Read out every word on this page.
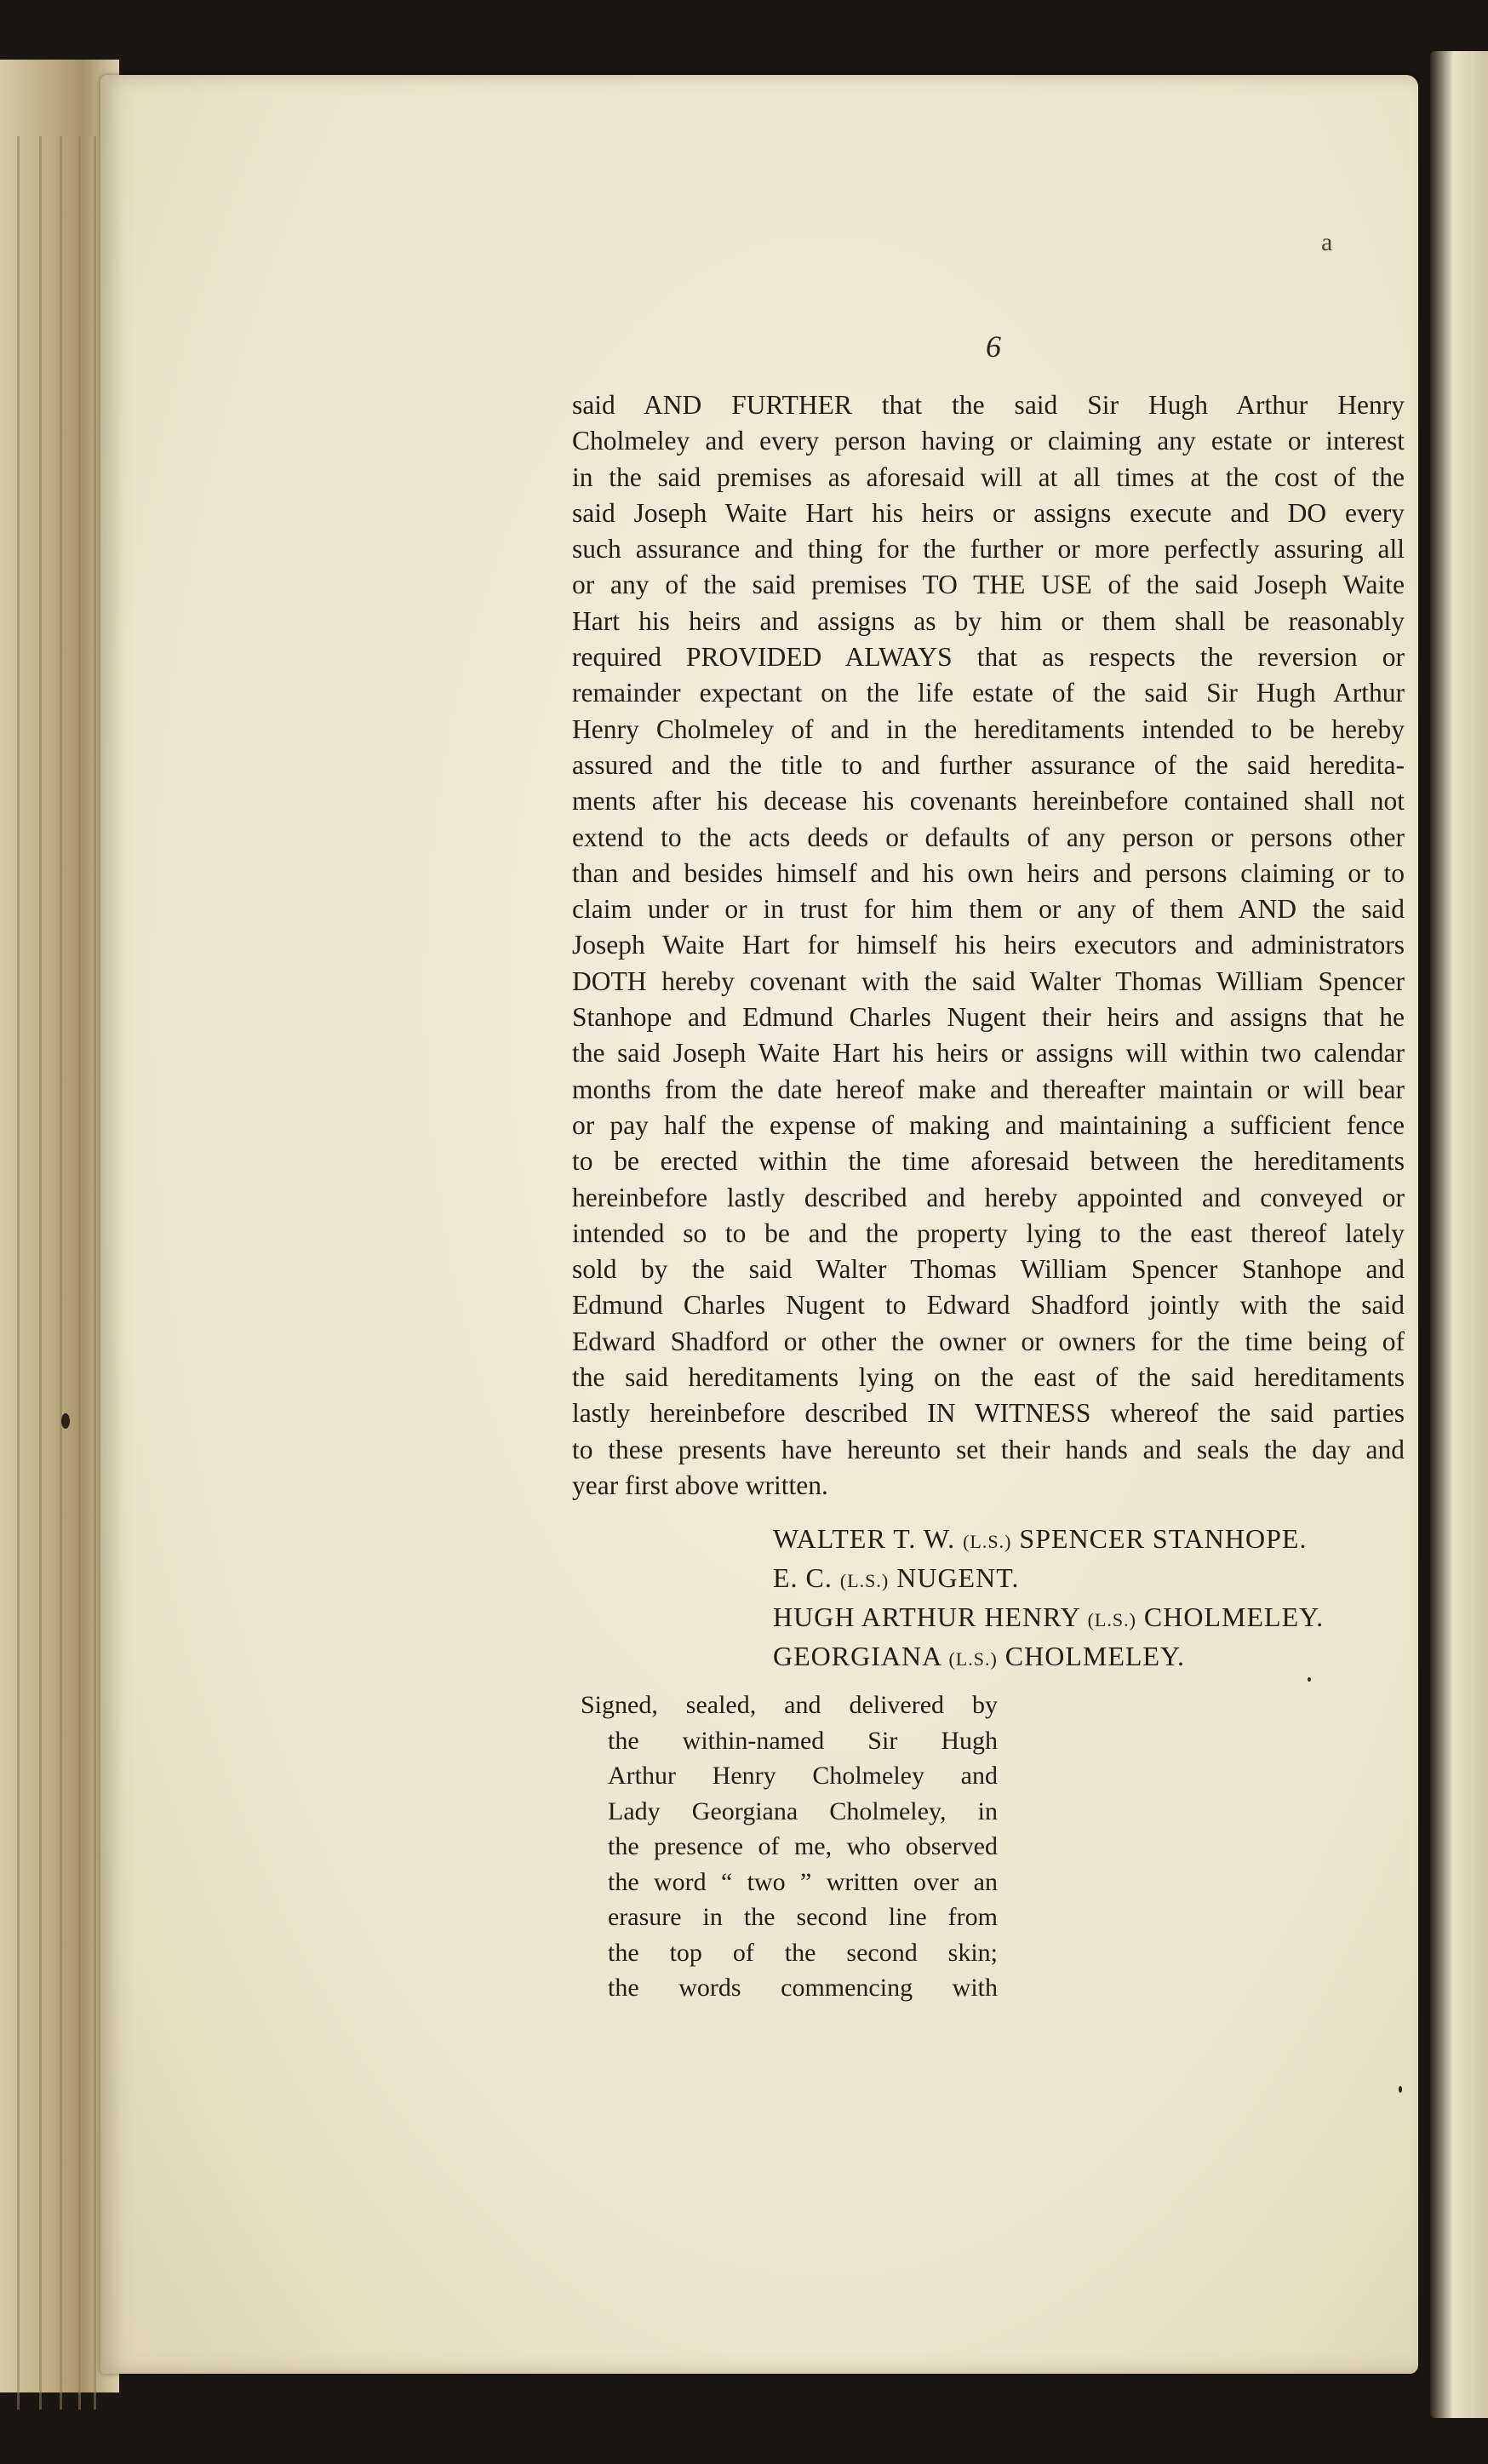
a
6
said AND FURTHER that the said Sir Hugh Arthur Henry
Cholmeley and every person having or claiming any estate or interest
in the said premises as aforesaid will at all times at the cost of the
said Joseph Waite Hart his heirs or assigns execute and DO every
such assurance and thing for the further or more perfectly assuring all
or any of the said premises TO THE USE of the said Joseph Waite
Hart his heirs and assigns as by him or them shall be reasonably
required PROVIDED ALWAYS that as respects the reversion or
remainder expectant on the life estate of the said Sir Hugh Arthur
Henry Cholmeley of and in the hereditaments intended to be hereby
assured and the title to and further assurance of the said heredita-
ments after his decease his covenants hereinbefore contained shall not
extend to the acts deeds or defaults of any person or persons other
than and besides himself and his own heirs and persons claiming or to
claim under or in trust for him them or any of them AND the said
Joseph Waite Hart for himself his heirs executors and administrators
DOTH hereby covenant with the said Walter Thomas William Spencer
Stanhope and Edmund Charles Nugent their heirs and assigns that he
the said Joseph Waite Hart his heirs or assigns will within two calendar
months from the date hereof make and thereafter maintain or will bear
or pay half the expense of making and maintaining a sufficient fence
to be erected within the time aforesaid between the hereditaments
hereinbefore lastly described and hereby appointed and conveyed or
intended so to be and the property lying to the east thereof lately
sold by the said Walter Thomas William Spencer Stanhope and
Edmund Charles Nugent to Edward Shadford jointly with the said
Edward Shadford or other the owner or owners for the time being of
the said hereditaments lying on the east of the said hereditaments
lastly hereinbefore described IN WITNESS whereof the said parties
to these presents have hereunto set their hands and seals the day and
year first above written.
WALTER T. W. (L.S.) SPENCER STANHOPE.
E. C. (L.S.) NUGENT.
HUGH ARTHUR HENRY (L.S.) CHOLMELEY.
GEORGIANA (L.S.) CHOLMELEY.
Signed, sealed, and delivered by
the within-named Sir Hugh
Arthur Henry Cholmeley and
Lady Georgiana Cholmeley, in
the presence of me, who observed
the word “ two ” written over an
erasure in the second line from
the top of the second skin;
the words commencing with
